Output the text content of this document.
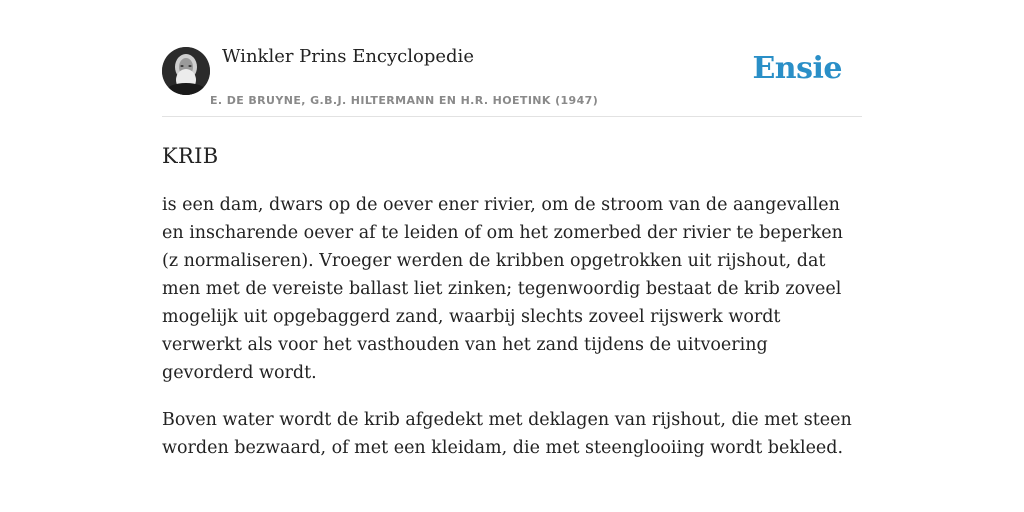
Winkler Prins Encyclopedie
E. DE BRUYNE, G.B.J. HILTERMANN EN H.R. HOETINK (1947)
Ensie
KRIB

is een dam, dwars op de oever ener rivier, om de stroom van de aangevallen en inscharende oever af te leiden of om het zomerbed der rivier te beperken (z normaliseren). Vroeger werden de kribben opgetrokken uit rijshout, dat men met de vereiste ballast liet zinken; tegenwoordig bestaat de krib zoveel mogelijk uit opgebaggerd zand, waarbij slechts zoveel rijswerk wordt verwerkt als voor het vasthouden van het zand tijdens de uitvoering gevorderd wordt.

Boven water wordt de krib afgedekt met deklagen van rijshout, die met steen worden bezwaard, of met een kleidam, die met steenglooiing wordt bekleed.
